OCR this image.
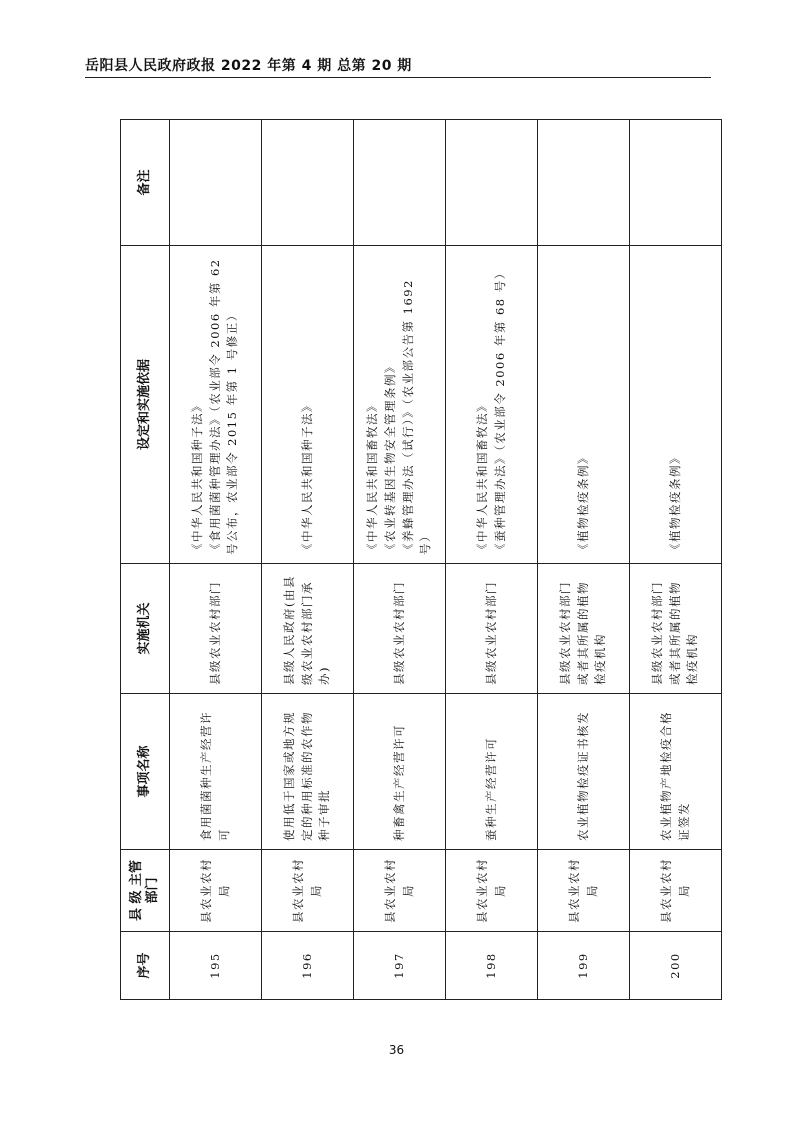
岳阳县人民政府政报 2022 年第 4 期 总第 20 期
序号	县 级 主管部门	事项名称	实施机关	设定和实施依据	备注
195	县农业农村局	食用菌菌种生产经营许可	县级农业农村部门	《中华人民共和国种子法》 《食用菌菌种管理办法》（农业部令 2006 年第 62 号公布，农业部令 2015 年第 1 号修正）	

196	县农业农村局	使用低于国家或地方规定的种用标准的农作物种子审批	县级人民政府(由县级农业农村部门承办)	《中华人民共和国种子法》	

197	县农业农村局	种畜禽生产经营许可	县级农业农村部门	《中华人民共和国畜牧法》 《农业转基因生物安全管理条例》 《养蜂管理办法（试行）》（农业部公告第 1692 号）	

198	县农业农村局	蚕种生产经营许可	县级农业农村部门	《中华人民共和国畜牧法》 《蚕种管理办法》（农业部令 2006 年第 68 号）	

199	县农业农村局	农业植物检疫证书核发	县级农业农村部门或者其所属的植物检疫机构	《植物检疫条例》	

200	县农业农村局	农业植物产地检疫合格证签发	县级农业农村部门或者其所属的植物检疫机构	《植物检疫条例》	

36
